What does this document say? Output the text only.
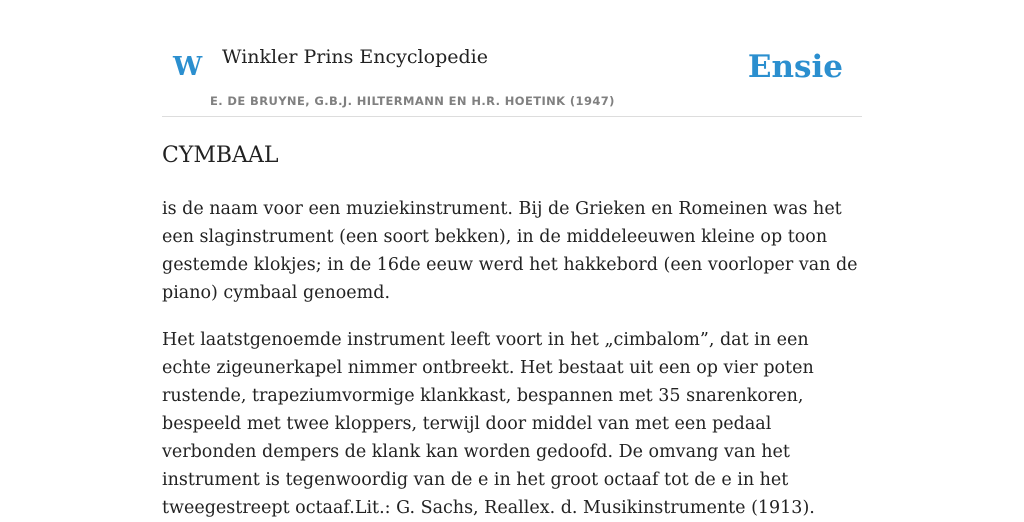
W Winkler Prins Encyclopedie
E. DE BRUYNE, G.B.J. HILTERMANN EN H.R. HOETINK (1947)
Ensie
CYMBAAL

is de naam voor een muziekinstrument. Bij de Grieken en Romeinen was het een slaginstrument (een soort bekken), in de middeleeuwen kleine op toon gestemde klokjes; in de 16de eeuw werd het hakkebord (een voorloper van de piano) cymbaal genoemd.

Het laatstgenoemde instrument leeft voort in het „cimbalom”, dat in een echte zigeunerkapel nimmer ontbreekt. Het bestaat uit een op vier poten rustende, trapeziumvormige klankkast, bespannen met 35 snarenkoren, bespeeld met twee kloppers, terwijl door middel van met een pedaal verbonden dempers de klank kan worden gedoofd. De omvang van het instrument is tegenwoordig van de e in het groot octaaf tot de e in het tweegestreept octaaf.Lit.: G. Sachs, Reallex. d. Musikinstrumente (1913).
